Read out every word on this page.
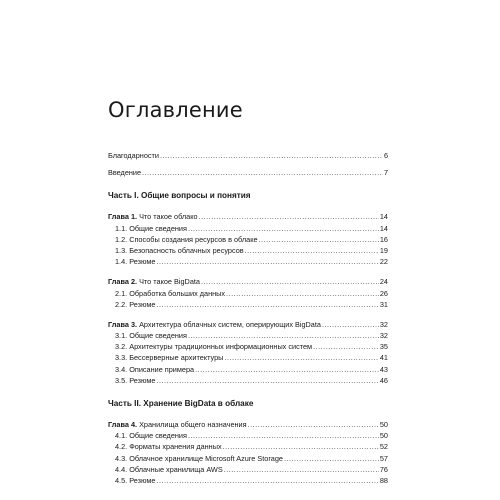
Оглавление
Благодарности .....	6
Введение .....	7
Часть I. Общие вопросы и понятия
Глава 1. Что такое облако .....	14
1.1. Общие сведения .....	14
1.2. Способы создания ресурсов в облаке .....	16
1.3. Безопасность облачных ресурсов .....	19
1.4. Резюме .....	22
Глава 2. Что такое BigData .....	24
2.1. Обработка больших данных .....	26
2.2. Резюме .....	31
Глава 3. Архитектура облачных систем, оперирующих BigData .....	32
3.1. Общие сведения .....	32
3.2. Архитектуры традиционных информационных систем .....	35
3.3. Бессерверные архитектуры .....	41
3.4. Описание примера .....	43
3.5. Резюме .....	46
Часть II. Хранение BigData в облаке
Глава 4. Хранилища общего назначения .....	50
4.1. Общие сведения .....	50
4.2. Форматы хранения данных .....	52
4.3. Облачное хранилище Microsoft Azure Storage .....	57
4.4. Облачные хранилища AWS .....	76
4.5. Резюме .....	88
